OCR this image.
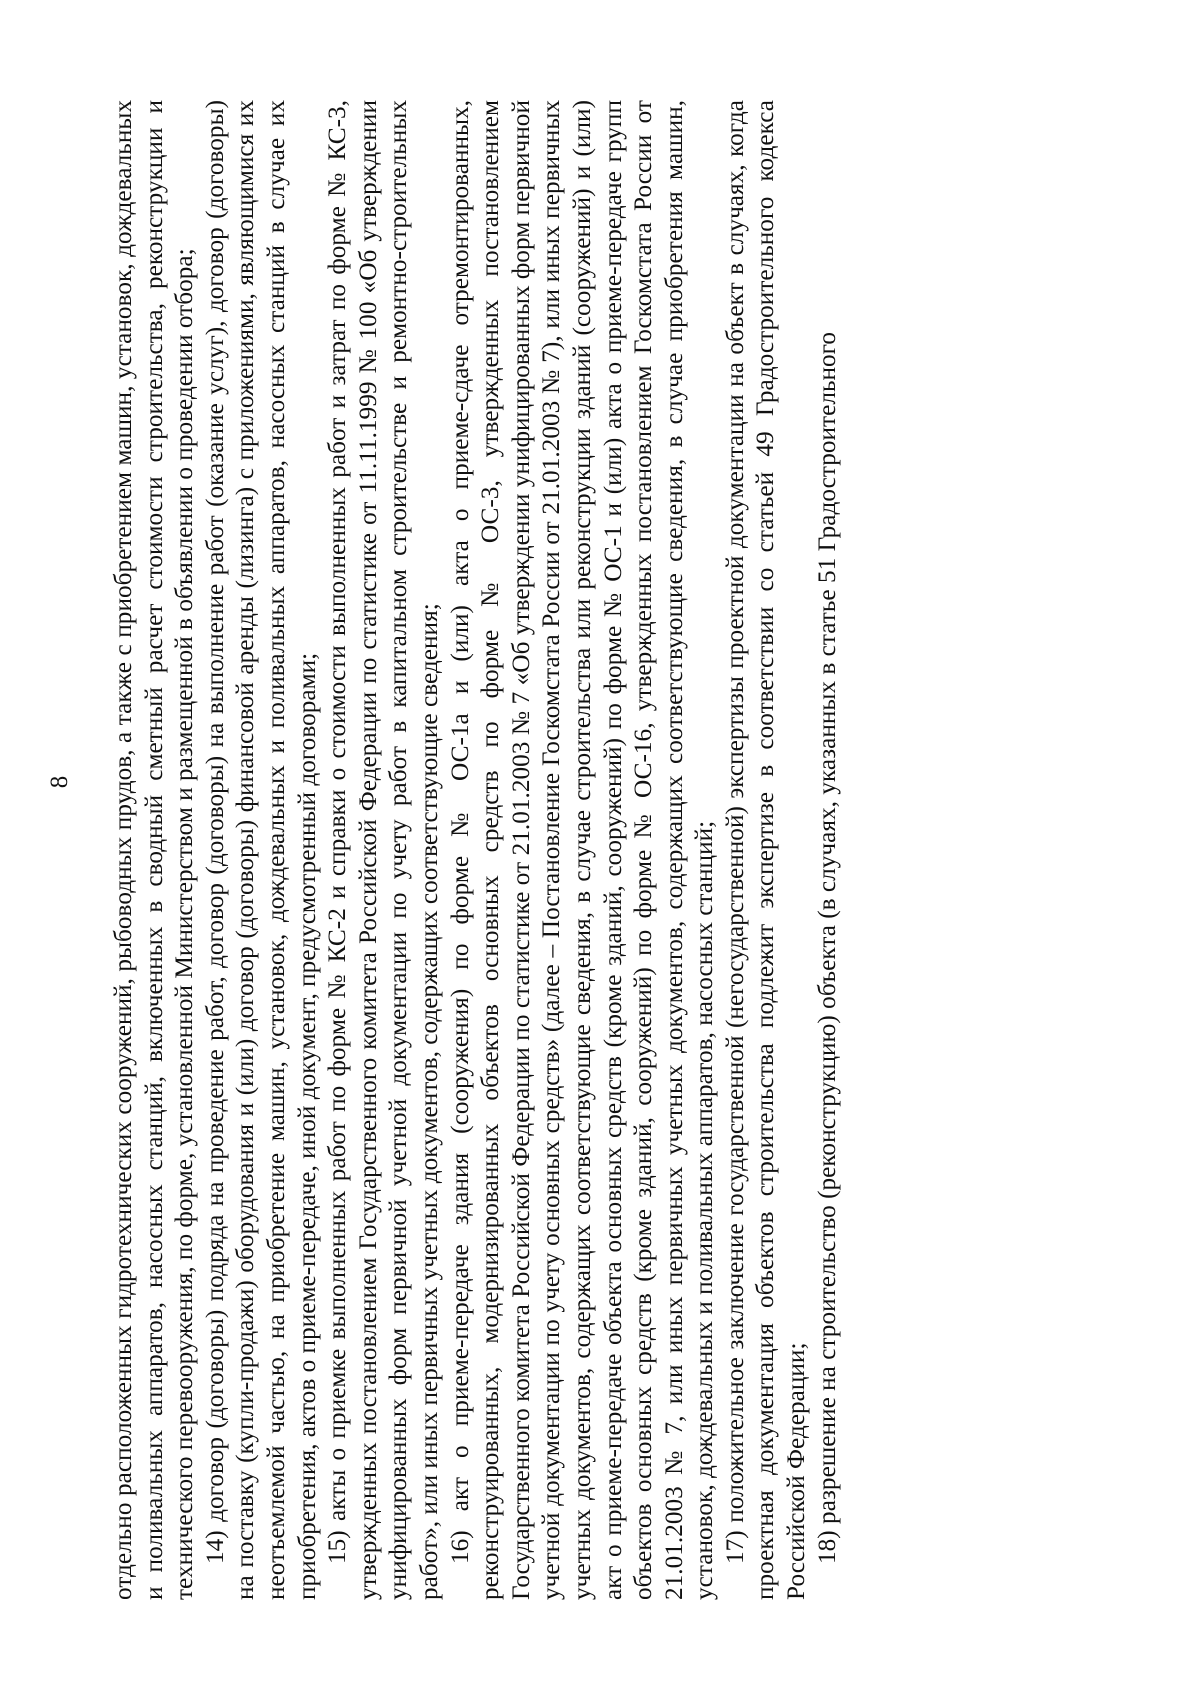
8 отдельно расположенных гидротехнических сооружений, рыбоводных прудов, а также с приобретением машин, установок, дождевальных и поливальных аппаратов, насосных станций, включенных в сводный сметный расчет стоимости строительства, реконструкции и технического перевооружения, по форме, установленной Министерством и размещенной в объявлении о проведении отбора; 14) договор (договоры) подряда на проведение работ, договор (договоры) на выполнение работ (оказание услуг), договор (договоры) на поставку (купли-продажи) оборудования и (или) договор (договоры) финансовой аренды (лизинга) с приложениями, являющимися их неотъемлемой частью, на приобретение машин, установок, дождевальных и поливальных аппаратов, насосных станций в случае их приобретения, актов о приеме-передаче, иной документ, предусмотренный договорами; 15) акты о приемке выполненных работ по форме № КС-2 и справки о стоимости выполненных работ и затрат по форме № КС-3, утвержденных постановлением Государственного комитета Российской Федерации по статистике от 11.11.1999 № 100 «Об утверждении унифицированных форм первичной учетной документации по учету работ в капитальном строительстве и ремонтно-строительных работ», или иных первичных учетных документов, содержащих соответствующие сведения; 16) акт о приеме-передаче здания (сооружения) по форме № ОС-1а и (или) акта о приеме-сдаче отремонтированных, реконструированных, модернизированных объектов основных средств по форме № ОС-3, утвержденных постановлением Государственного комитета Российской Федерации по статистике от 21.01.2003 № 7 «Об утверждении унифицированных форм первичной учетной документации по учету основных средств» (далее – Постановление Госкомстата России от 21.01.2003 № 7), или иных первичных учетных документов, содержащих соответствующие сведения, в случае строительства или реконструкции зданий (сооружений) и (или) акт о приеме-передаче объекта основных средств (кроме зданий, сооружений) по форме № ОС-1 и (или) акта о приеме-передаче групп объектов основных средств (кроме зданий, сооружений) по форме № ОС-16, утвержденных постановлением Госкомстата России от 21.01.2003 № 7, или иных первичных учетных документов, содержащих соответствующие сведения, в случае приобретения машин, установок, дождевальных и поливальных аппаратов, насосных станций; 17) положительное заключение государственной (негосударственной) экспертизы проектной документации на объект в случаях, когда проектная документация объектов строительства подлежит экспертизе в соответствии со статьей 49 Градостроительного кодекса Российской Федерации; 18) разрешение на строительство (реконструкцию) объекта (в случаях, указанных в статье 51 Градостроительного
